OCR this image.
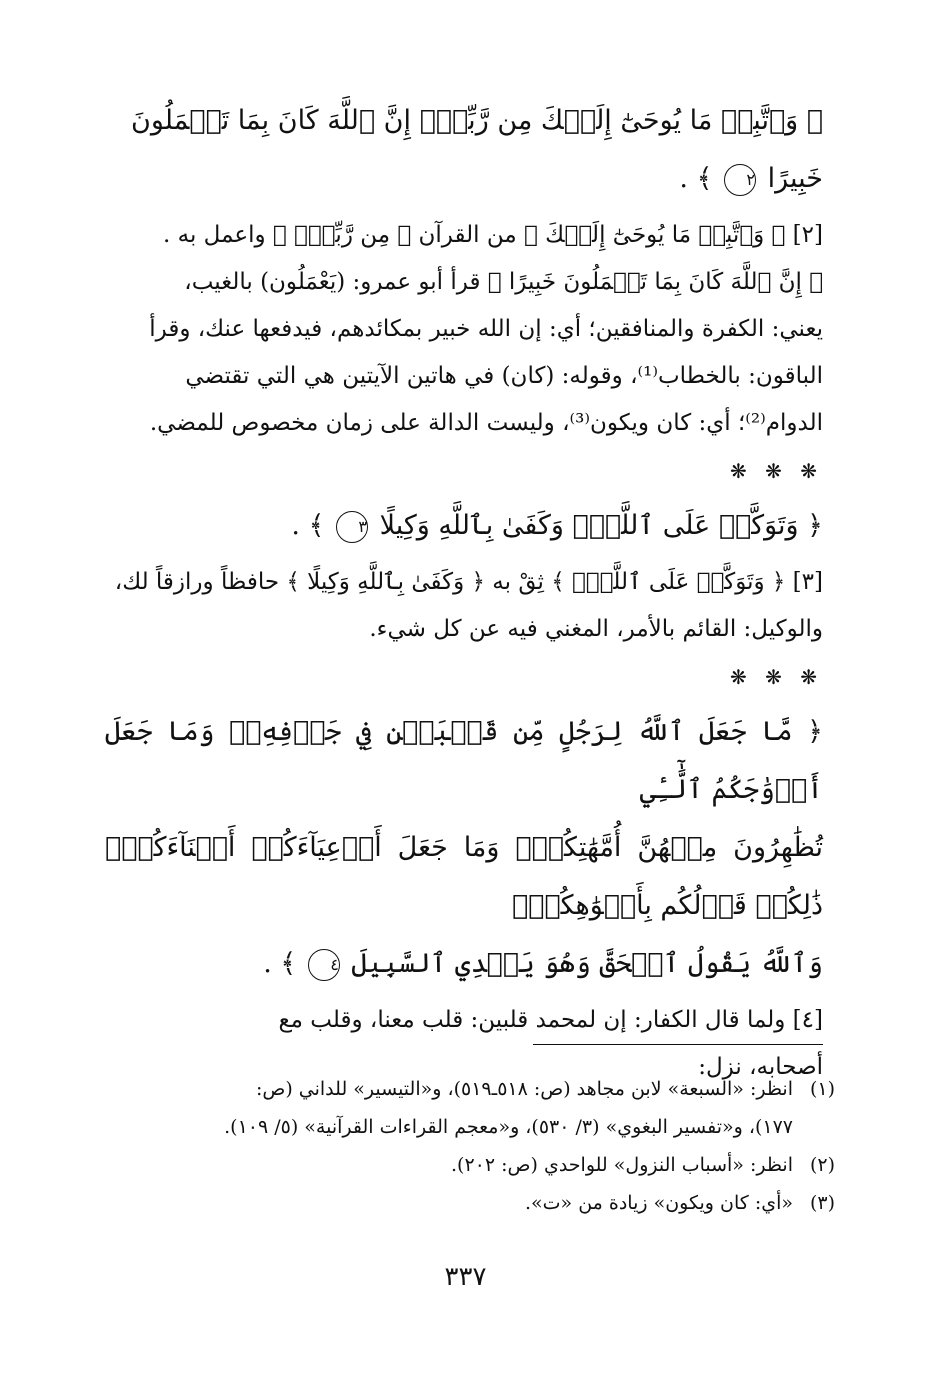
﴿ وَٱتَّبِعۡ مَا يُوحَىٰٓ إِلَيۡكَ مِن رَّبِّكَۚ إِنَّ ٱللَّهَ كَانَ بِمَا تَعۡمَلُونَ
خَبِيرًا ٢ ﴾ .
[٢] ﴿ وَٱتَّبِعۡ مَا يُوحَىٰٓ إِلَيۡكَ ﴾ من القرآن ﴿ مِن رَّبِّكَۚ ﴾ واعمل به .
﴿ إِنَّ ٱللَّهَ كَانَ بِمَا تَعۡمَلُونَ خَبِيرًا ﴾ قرأ أبو عمرو: (يَعْمَلُون) بالغيب،
يعني: الكفرة والمنافقين؛ أي: إن الله خبير بمكائدهم، فيدفعها عنك، وقرأ
الباقون: بالخطاب⁽¹⁾، وقوله: (كان) في هاتين الآيتين هي التي تقتضي
الدوام⁽²⁾؛ أي: كان ويكون⁽³⁾، وليست الدالة على زمان مخصوص للمضي.
❋ ❋ ❋
﴿ وَتَوَكَّلۡ عَلَى ٱللَّهِۚ وَكَفَىٰ بِٱللَّهِ وَكِيلًا ٣ ﴾ .
[٣] ﴿ وَتَوَكَّلۡ عَلَى ٱللَّهِۚ ﴾ ثِقْ به ﴿ وَكَفَىٰ بِٱللَّهِ وَكِيلًا ﴾ حافظاً ورازقاً لك،
والوكيل: القائم بالأمر، المغني فيه عن كل شيء.
❋ ❋ ❋
﴿ مَّا جَعَلَ ٱللَّهُ لِرَجُلٍ مِّن قَلۡبَيۡنِ فِي جَوۡفِهِۦۚ وَمَا جَعَلَ أَزۡوَٰجَكُمُ ٱلَّٰٓـِٔي
تُظَٰهِرُونَ مِنۡهُنَّ أُمَّهَٰتِكُمۡۚ وَمَا جَعَلَ أَدۡعِيَآءَكُمۡ أَبۡنَآءَكُمۡۚ ذَٰلِكُمۡ قَوۡلُكُم بِأَفۡوَٰهِكُمۡۖ
وَٱللَّهُ يَقُولُ ٱلۡحَقَّ وَهُوَ يَهۡدِي ٱلسَّبِيلَ ٤ ﴾ .
[٤] ولما قال الكفار: إن لمحمد قلبين: قلب معنا، وقلب مع
أصحابه، نزل:
(١)انظر: «السبعة» لابن مجاهد (ص: ٥١٨ـ٥١٩)، و«التيسير» للداني (ص:
١٧٧)، و«تفسير البغوي» (٣/ ٥٣٠)، و«معجم القراءات القرآنية» (٥/ ١٠٩).
(٢)انظر: «أسباب النزول» للواحدي (ص: ٢٠٢).
(٣)«أي: كان ويكون» زيادة من «ت».
٣٣٧
